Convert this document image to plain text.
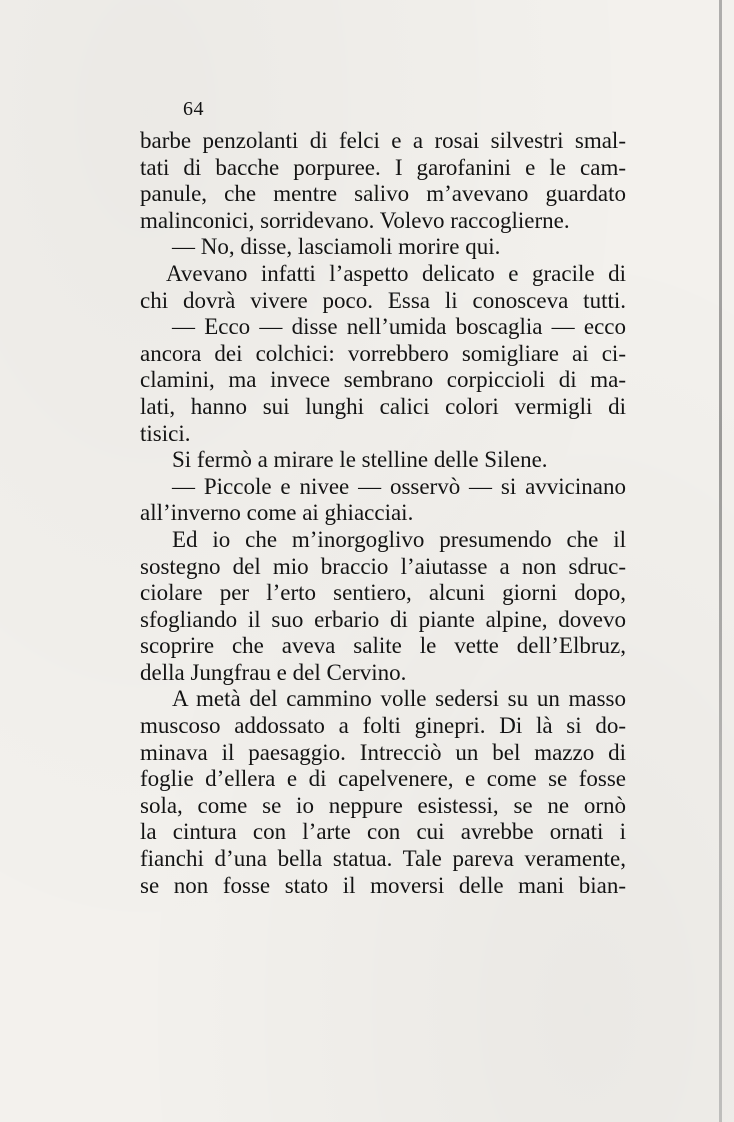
64
barbe penzolanti di felci e a rosai silvestri smal-
tati di bacche porpuree. I garofanini e le cam-
panule, che mentre salivo m’avevano guardato
malinconici, sorridevano. Volevo raccoglierne.
— No, disse, lasciamoli morire qui.
Avevano infatti l’aspetto delicato e gracile di
chi dovrà vivere poco. Essa li conosceva tutti.
— Ecco — disse nell’umida boscaglia — ecco
ancora dei colchici: vorrebbero somigliare ai ci-
clamini, ma invece sembrano corpiccioli di ma-
lati, hanno sui lunghi calici colori vermigli di
tisici.
Si fermò a mirare le stelline delle Silene.
— Piccole e nivee — osservò — si avvicinano
all’inverno come ai ghiacciai.
Ed io che m’inorgoglivo presumendo che il
sostegno del mio braccio l’aiutasse a non sdruc-
ciolare per l’erto sentiero, alcuni giorni dopo,
sfogliando il suo erbario di piante alpine, dovevo
scoprire che aveva salite le vette dell’Elbruz,
della Jungfrau e del Cervino.
A metà del cammino volle sedersi su un masso
muscoso addossato a folti ginepri. Di là si do-
minava il paesaggio. Intrecciò un bel mazzo di
foglie d’ellera e di capelvenere, e come se fosse
sola, come se io neppure esistessi, se ne ornò
la cintura con l’arte con cui avrebbe ornati i
fianchi d’una bella statua. Tale pareva veramente,
se non fosse stato il moversi delle mani bian-
